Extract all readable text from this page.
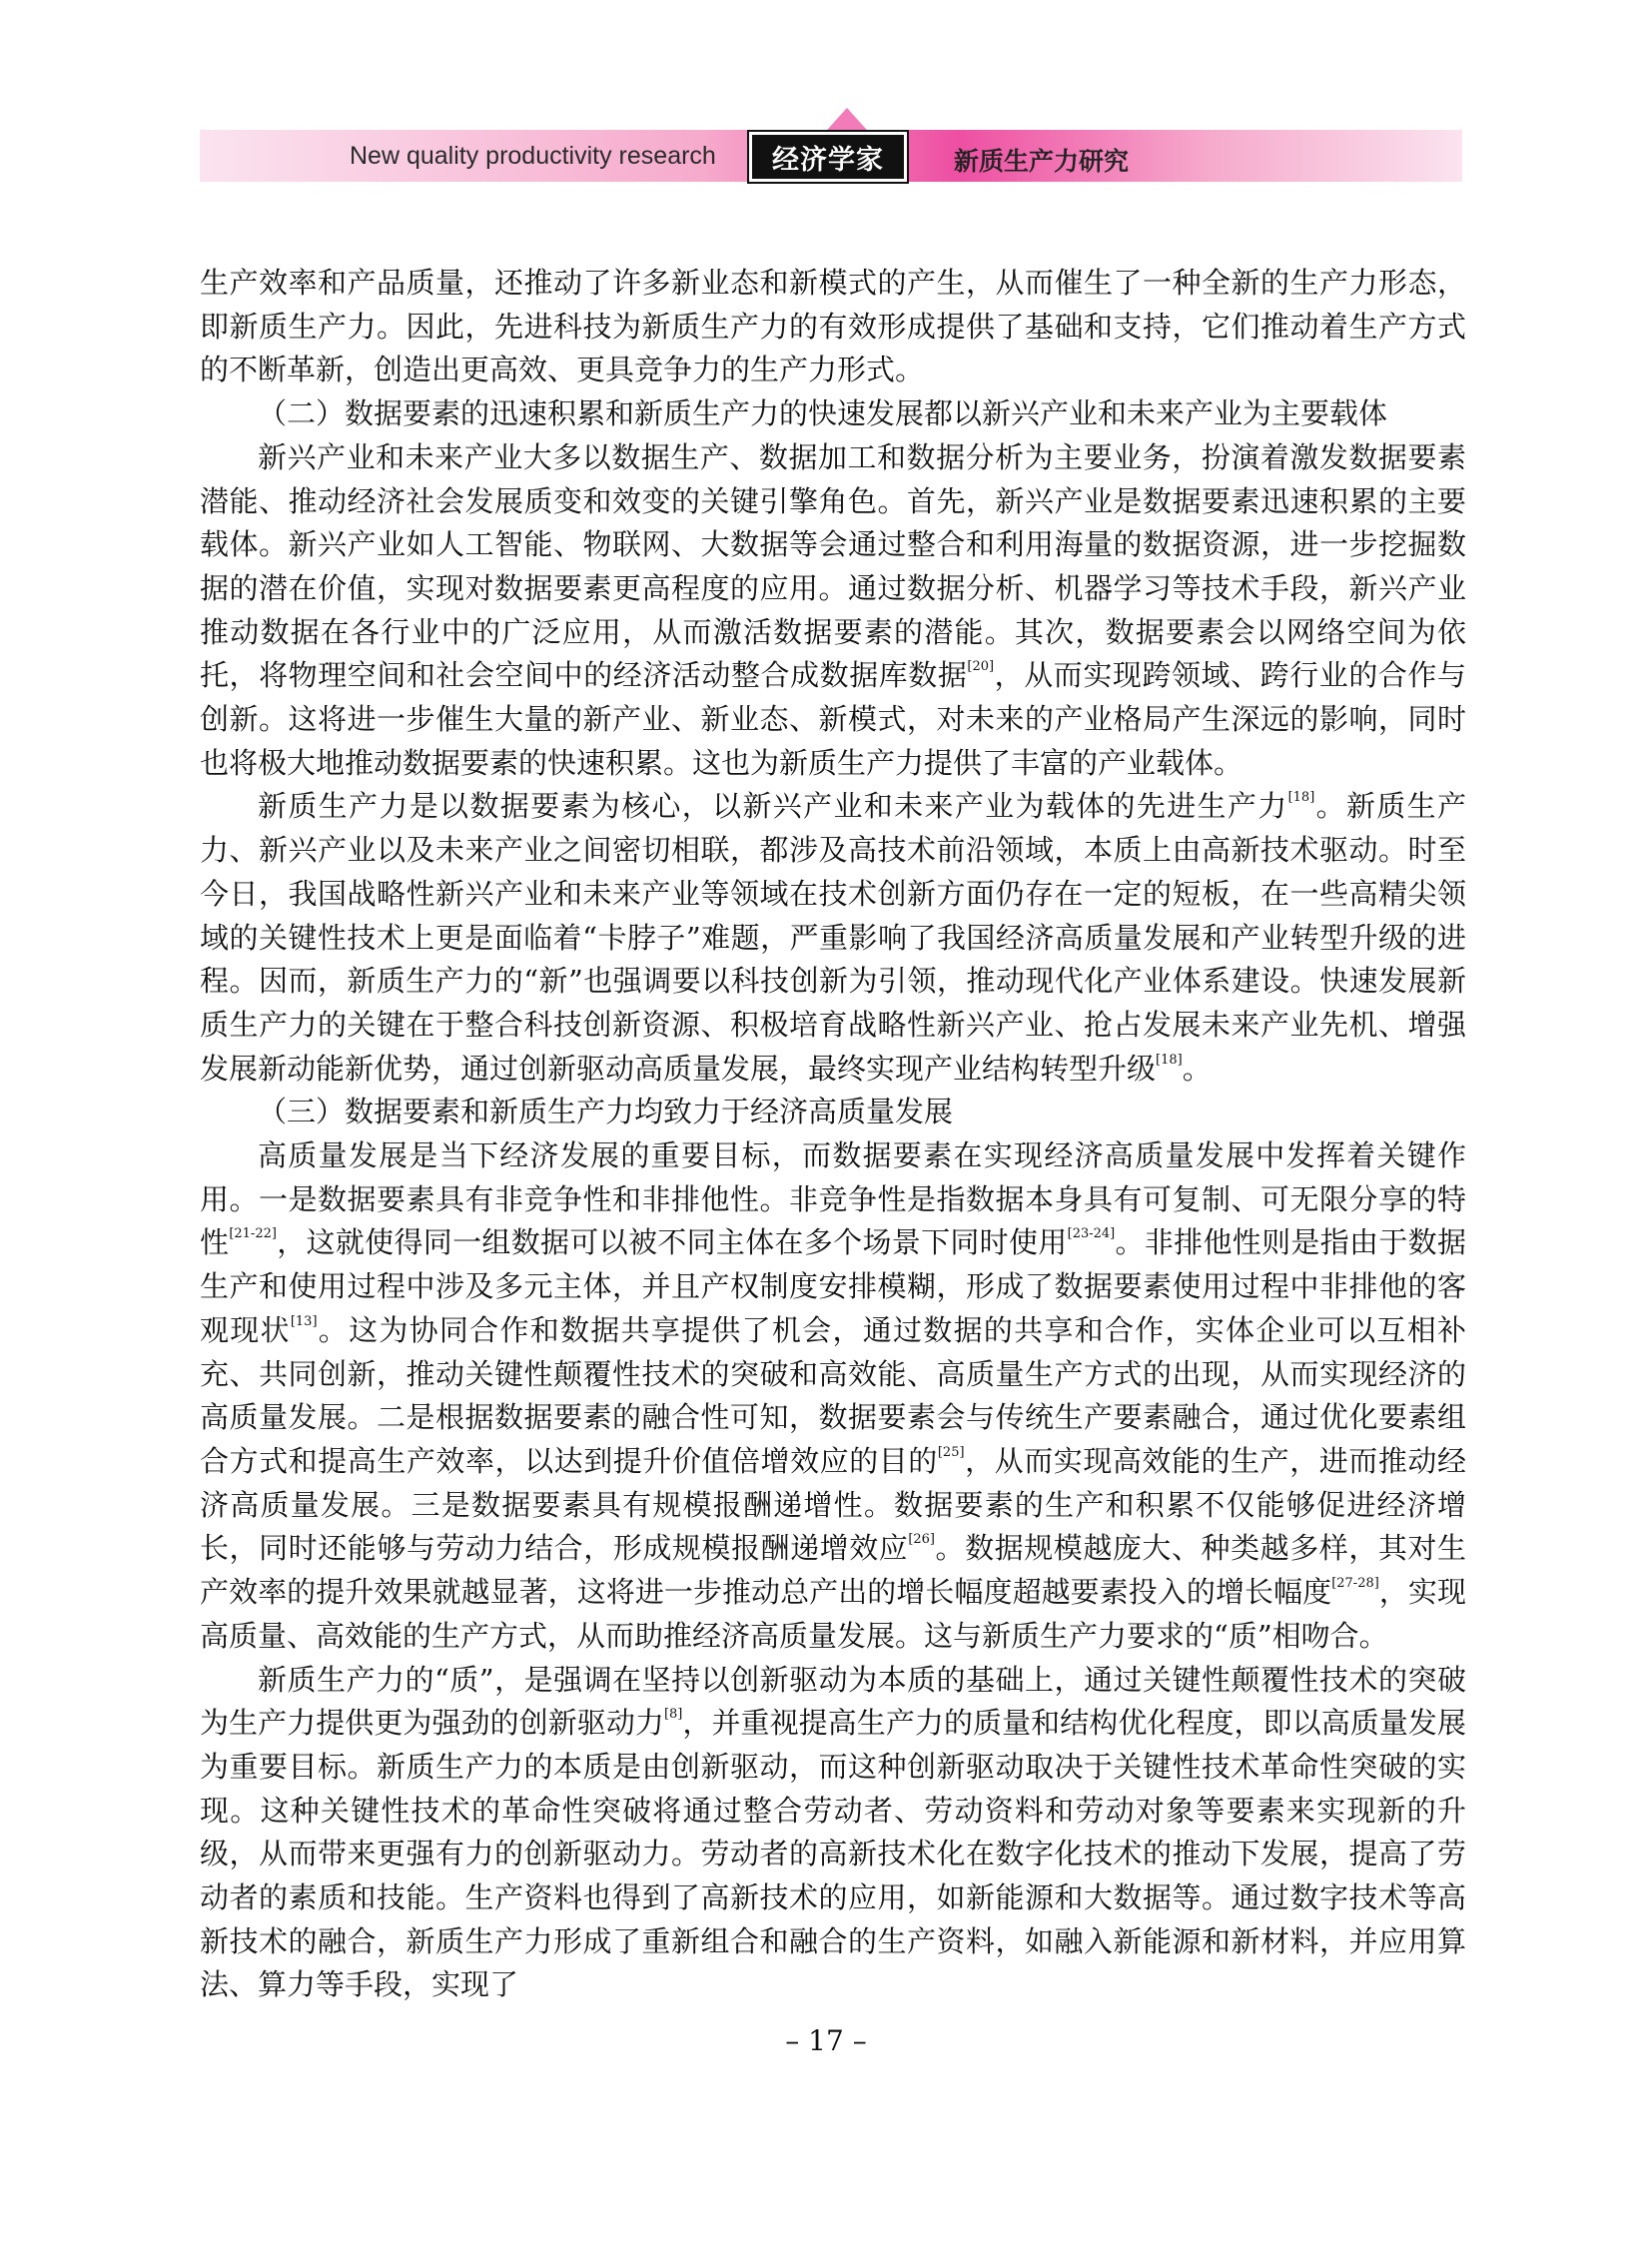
New quality productivity research 经济学家	新质生产力研究

生产效率和产品质量，还推动了许多新业态和新模式的产生，从而催生了一种全新的生产力形态，即新质生产力。因此，先进科技为新质生产力的有效形成提供了基础和支持，它们推动着生产方式的不断革新，创造出更高效、更具竞争力的生产力形式。

（二）数据要素的迅速积累和新质生产力的快速发展都以新兴产业和未来产业为主要载体

新兴产业和未来产业大多以数据生产、数据加工和数据分析为主要业务，扮演着激发数据要素潜能、推动经济社会发展质变和效变的关键引擎角色。首先，新兴产业是数据要素迅速积累的主要载体。新兴产业如人工智能、物联网、大数据等会通过整合和利用海量的数据资源，进一步挖掘数据的潜在价值，实现对数据要素更高程度的应用。通过数据分析、机器学习等技术手段，新兴产业推动数据在各行业中的广泛应用，从而激活数据要素的潜能。其次，数据要素会以网络空间为依托，将物理空间和社会空间中的经济活动整合成数据库数据[20]，从而实现跨领域、跨行业的合作与创新。这将进一步催生大量的新产业、新业态、新模式，对未来的产业格局产生深远的影响，同时也将极大地推动数据要素的快速积累。这也为新质生产力提供了丰富的产业载体。

新质生产力是以数据要素为核心，以新兴产业和未来产业为载体的先进生产力[18]。新质生产力、新兴产业以及未来产业之间密切相联，都涉及高技术前沿领域，本质上由高新技术驱动。时至今日，我国战略性新兴产业和未来产业等领域在技术创新方面仍存在一定的短板，在一些高精尖领域的关键性技术上更是面临着“卡脖子”难题，严重影响了我国经济高质量发展和产业转型升级的进程。因而，新质生产力的“新”也强调要以科技创新为引领，推动现代化产业体系建设。快速发展新质生产力的关键在于整合科技创新资源、积极培育战略性新兴产业、抢占发展未来产业先机、增强发展新动能新优势，通过创新驱动高质量发展，最终实现产业结构转型升级[18]。

（三）数据要素和新质生产力均致力于经济高质量发展

高质量发展是当下经济发展的重要目标，而数据要素在实现经济高质量发展中发挥着关键作用。一是数据要素具有非竞争性和非排他性。非竞争性是指数据本身具有可复制、可无限分享的特性[21-22]，这就使得同一组数据可以被不同主体在多个场景下同时使用[23-24]。非排他性则是指由于数据生产和使用过程中涉及多元主体，并且产权制度安排模糊，形成了数据要素使用过程中非排他的客观现状[13]。这为协同合作和数据共享提供了机会，通过数据的共享和合作，实体企业可以互相补充、共同创新，推动关键性颠覆性技术的突破和高效能、高质量生产方式的出现，从而实现经济的高质量发展。二是根据数据要素的融合性可知，数据要素会与传统生产要素融合，通过优化要素组合方式和提高生产效率，以达到提升价值倍增效应的目的[25]，从而实现高效能的生产，进而推动经济高质量发展。三是数据要素具有规模报酬递增性。数据要素的生产和积累不仅能够促进经济增长，同时还能够与劳动力结合，形成规模报酬递增效应[26]。数据规模越庞大、种类越多样，其对生产效率的提升效果就越显著，这将进一步推动总产出的增长幅度超越要素投入的增长幅度[27-28]，实现高质量、高效能的生产方式，从而助推经济高质量发展。这与新质生产力要求的“质”相吻合。

新质生产力的“质”，是强调在坚持以创新驱动为本质的基础上，通过关键性颠覆性技术的突破为生产力提供更为强劲的创新驱动力[8]，并重视提高生产力的质量和结构优化程度，即以高质量发展为重要目标。新质生产力的本质是由创新驱动，而这种创新驱动取决于关键性技术革命性突破的实现。这种关键性技术的革命性突破将通过整合劳动者、劳动资料和劳动对象等要素来实现新的升级，从而带来更强有力的创新驱动力。劳动者的高新技术化在数字化技术的推动下发展，提高了劳动者的素质和技能。生产资料也得到了高新技术的应用，如新能源和大数据等。通过数字技术等高新技术的融合，新质生产力形成了重新组合和融合的生产资料，如融入新能源和新材料，并应用算法、算力等手段，实现了

– 17 –
